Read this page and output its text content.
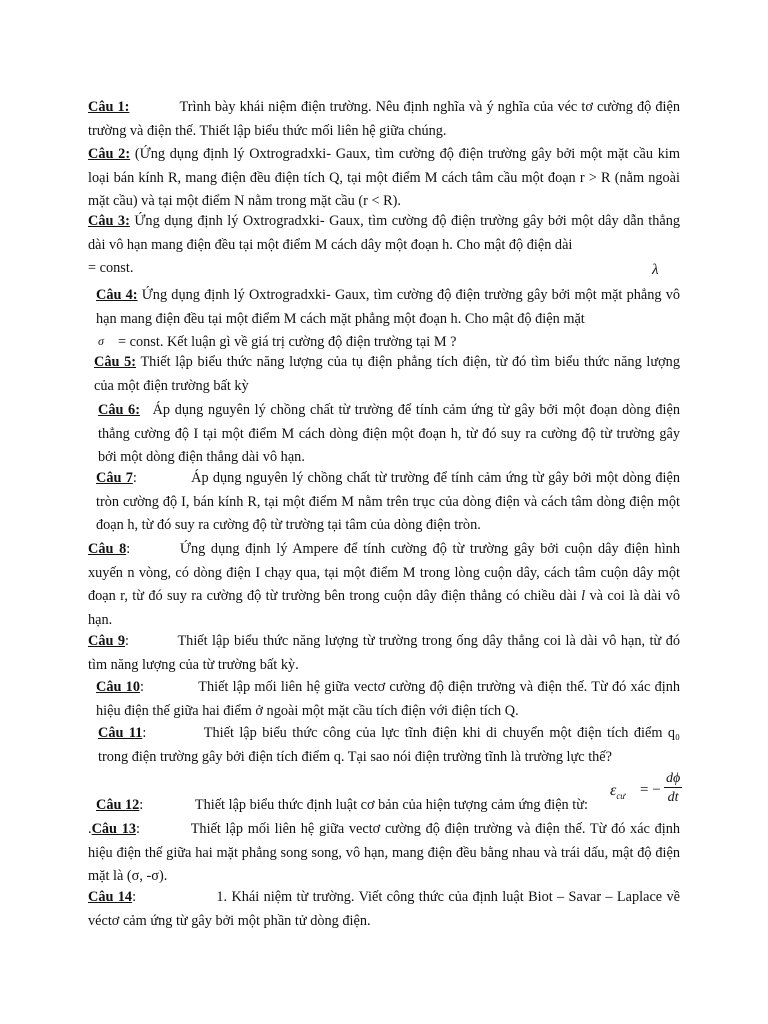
Câu 1:	Trình bày khái niệm điện trường. Nêu định nghĩa và ý nghĩa của véc tơ cường độ điện trường và điện thế. Thiết lập biểu thức mối liên hệ giữa chúng.
Câu 2: (Ứng dụng định lý Oxtrogradxki- Gaux, tìm cường độ điện trường gây bởi một mặt cầu kim loại bán kính R, mang điện đều điện tích Q, tại một điểm M cách tâm cầu một đoạn r > R (nằm ngoài mặt cầu) và tại một điểm N nằm trong mặt cầu (r < R).
Câu 3: Ứng dụng định lý Oxtrogradxki- Gaux, tìm cường độ điện trường gây bởi một dây dẫn thẳng dài vô hạn mang điện đều tại một điểm M cách dây một đoạn h. Cho mật độ điện dài
= const.	λ
Câu 4: Ứng dụng định lý Oxtrogradxki- Gaux, tìm cường độ điện trường gây bởi một mặt phẳng vô hạn mang điện đều tại một điểm M cách mặt phẳng một đoạn h. Cho mật độ điện mặt
= const. Kết luận gì về giá trị cường độ điện trường tại M ?
σ
Câu 5: Thiết lập biểu thức năng lượng của tụ điện phẳng tích điện, từ đó tìm biểu thức năng lượng của một điện trường bất kỳ
Câu 6: Áp dụng nguyên lý chồng chất từ trường để tính cảm ứng từ gây bởi một đoạn dòng điện thẳng cường độ I tại một điểm M cách dòng điện một đoạn h, từ đó suy ra cường độ từ trường gây bởi một dòng điện thẳng dài vô hạn.
Câu 7:	Áp dụng nguyên lý chồng chất từ trường để tính cảm ứng từ gây bởi một dòng điện tròn cường độ I, bán kính R, tại một điểm M nằm trên trục của dòng điện và cách tâm dòng điện một đoạn h, từ đó suy ra cường độ từ trường tại tâm của dòng điện tròn.
Câu 8:	Ứng dụng định lý Ampere để tính cường độ từ trường gây bởi cuộn dây điện hình xuyến n vòng, có dòng điện I chạy qua, tại một điểm M trong lòng cuộn dây, cách tâm cuộn dây một đoạn r, từ đó suy ra cường độ từ trường bên trong cuộn dây điện thẳng có chiều dài l và coi là dài vô hạn.
Câu 9:	Thiết lập biểu thức năng lượng từ trường trong ống dây thẳng coi là dài vô hạn, từ đó tìm năng lượng của từ trường bất kỳ.
Câu 10:	Thiết lập mối liên hệ giữa vectơ cường độ điện trường và điện thế. Từ đó xác định hiệu điện thế giữa hai điểm ở ngoài một mặt cầu tích điện với điện tích Q.
Câu 11:	Thiết lập biểu thức công của lực tĩnh điện khi di chuyển một điện tích điểm q₀ trong điện trường gây bởi điện tích điểm q. Tại sao nói điện trường tĩnh là trường lực thế?
Câu 12:	Thiết lập biểu thức định luật cơ bản của hiện tượng cảm ứng điện từ:
$\varepsilon_{cư}$ = − $\frac{d\phi}{dt}$
.Câu 13:	Thiết lập mối liên hệ giữa vectơ cường độ điện trường và điện thế. Từ đó xác định hiệu điện thế giữa hai mặt phẳng song song, vô hạn, mang điện đều bằng nhau và trái dấu, mật độ điện mặt là (σ, -σ).
Câu 14:	1. Khái niệm từ trường. Viết công thức của định luật Biot – Savar – Laplace về véctơ cảm ứng từ gây bởi một phần tử dòng điện.
